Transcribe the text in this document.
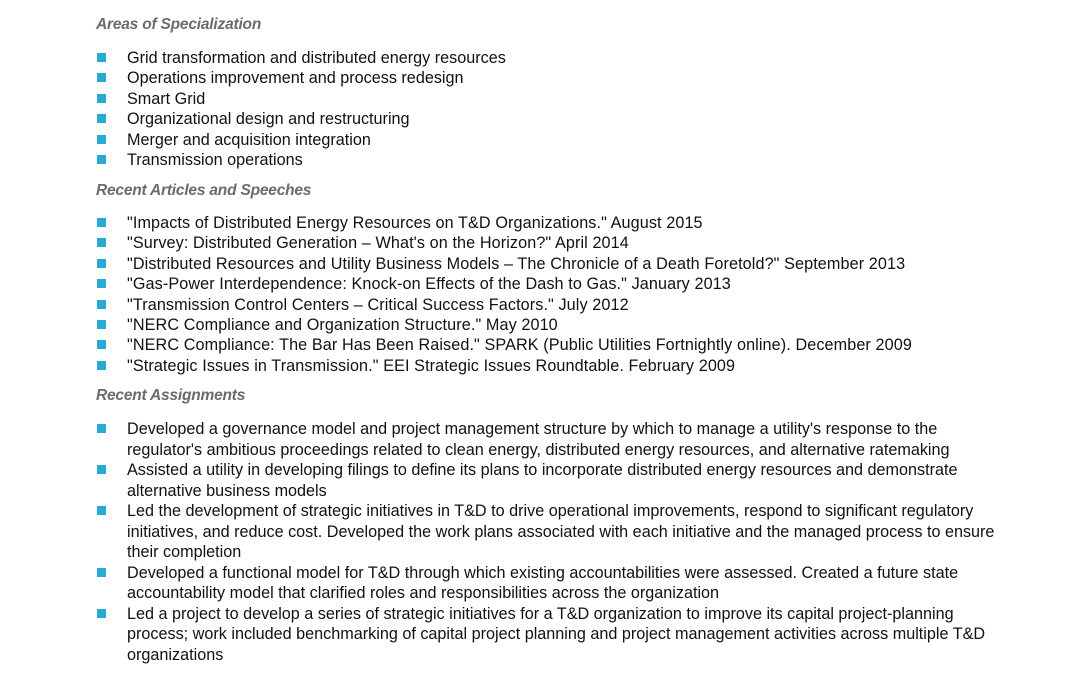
Areas of Specialization
Grid transformation and distributed energy resources
Operations improvement and process redesign
Smart Grid
Organizational design and restructuring
Merger and acquisition integration
Transmission operations
Recent Articles and Speeches
"Impacts of Distributed Energy Resources on T&D Organizations." August 2015
"Survey: Distributed Generation – What's on the Horizon?" April 2014
"Distributed Resources and Utility Business Models – The Chronicle of a Death Foretold?" September 2013
"Gas-Power Interdependence: Knock-on Effects of the Dash to Gas." January 2013
"Transmission Control Centers – Critical Success Factors." July 2012
"NERC Compliance and Organization Structure." May 2010
"NERC Compliance: The Bar Has Been Raised." SPARK (Public Utilities Fortnightly online). December 2009
"Strategic Issues in Transmission." EEI Strategic Issues Roundtable. February 2009
Recent Assignments
Developed a governance model and project management structure by which to manage a utility's response to the regulator's ambitious proceedings related to clean energy, distributed energy resources, and alternative ratemaking
Assisted a utility in developing filings to define its plans to incorporate distributed energy resources and demonstrate alternative business models
Led the development of strategic initiatives in T&D to drive operational improvements, respond to significant regulatory initiatives, and reduce cost. Developed the work plans associated with each initiative and the managed process to ensure their completion
Developed a functional model for T&D through which existing accountabilities were assessed. Created a future state accountability model that clarified roles and responsibilities across the organization
Led a project to develop a series of strategic initiatives for a T&D organization to improve its capital project-planning process; work included benchmarking of capital project planning and project management activities across multiple T&D organizations
